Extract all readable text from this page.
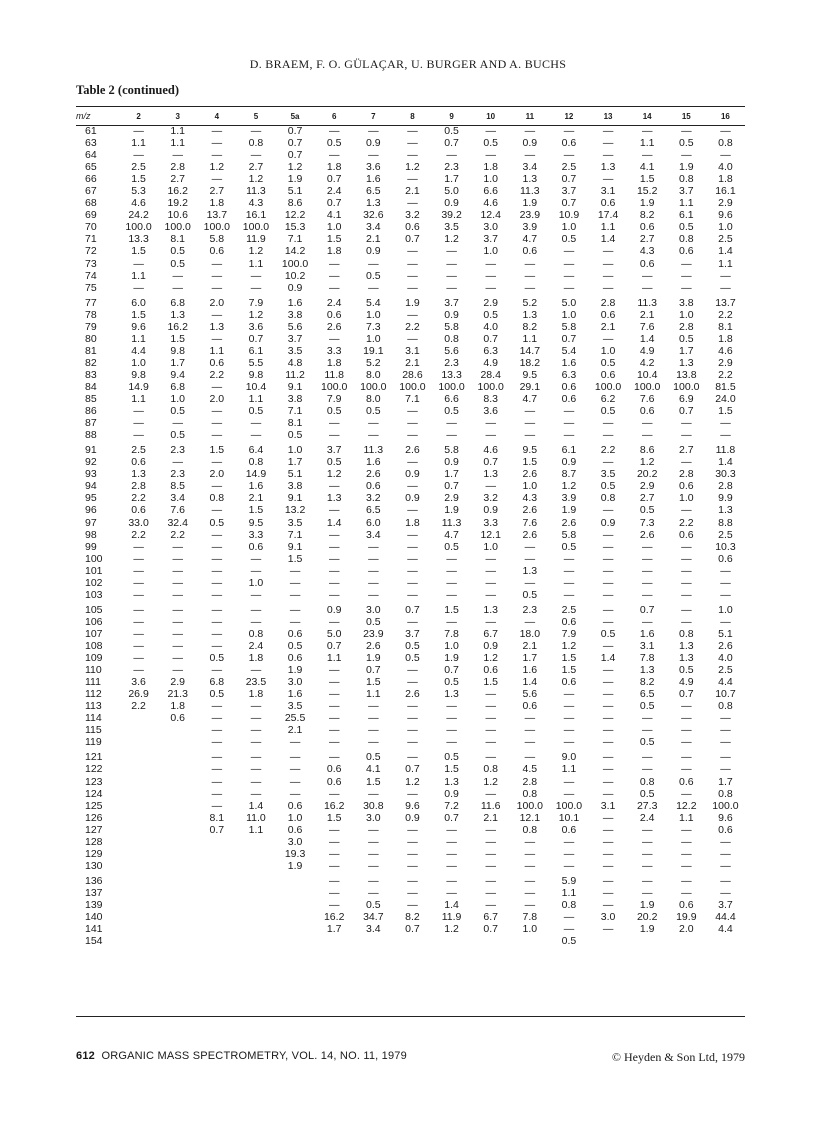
D. BRAEM, F. O. GÜLAÇAR, U. BURGER AND A. BUCHS
Table 2 (continued)
m/z	2	3	4	5	5a	6	7	8	9	10	11	12	13	14	15	16
61	—	1.1	—	—	0.7	—	—	—	0.5	—	—	—	—	—	—	—
63	1.1	1.1	—	0.8	0.7	0.5	0.9	—	0.7	0.5	0.9	0.6	—	1.1	0.5	0.8
64	—	—	—	—	0.7	—	—	—	—	—	—	—	—	—	—	—
65	2.5	2.8	1.2	2.7	1.2	1.8	3.6	1.2	2.3	1.8	3.4	2.5	1.3	4.1	1.9	4.0
66	1.5	2.7	—	1.2	1.9	0.7	1.6	—	1.7	1.0	1.3	0.7	—	1.5	0.8	1.8
67	5.3	16.2	2.7	11.3	5.1	2.4	6.5	2.1	5.0	6.6	11.3	3.7	3.1	15.2	3.7	16.1
68	4.6	19.2	1.8	4.3	8.6	0.7	1.3	—	0.9	4.6	1.9	0.7	0.6	1.9	1.1	2.9
69	24.2	10.6	13.7	16.1	12.2	4.1	32.6	3.2	39.2	12.4	23.9	10.9	17.4	8.2	6.1	9.6
70	100.0	100.0	100.0	100.0	15.3	1.0	3.4	0.6	3.5	3.0	3.9	1.0	1.1	0.6	0.5	1.0
71	13.3	8.1	5.8	11.9	7.1	1.5	2.1	0.7	1.2	3.7	4.7	0.5	1.4	2.7	0.8	2.5
72	1.5	0.5	0.6	1.2	14.2	1.8	0.9	—	—	1.0	0.6	—	—	4.3	0.6	1.4
73	—	0.5	—	1.1	100.0	—	—	—	—	—	—	—	—	0.6	—	1.1
74	1.1	—	—	—	10.2	—	0.5	—	—	—	—	—	—	—	—	—
75	—	—	—	—	0.9	—	—	—	—	—	—	—	—	—	—	—

77	6.0	6.8	2.0	7.9	1.6	2.4	5.4	1.9	3.7	2.9	5.2	5.0	2.8	11.3	3.8	13.7
78	1.5	1.3	—	1.2	3.8	0.6	1.0	—	0.9	0.5	1.3	1.0	0.6	2.1	1.0	2.2
79	9.6	16.2	1.3	3.6	5.6	2.6	7.3	2.2	5.8	4.0	8.2	5.8	2.1	7.6	2.8	8.1
80	1.1	1.5	—	0.7	3.7	—	1.0	—	0.8	0.7	1.1	0.7	—	1.4	0.5	1.8
81	4.4	9.8	1.1	6.1	3.5	3.3	19.1	3.1	5.6	6.3	14.7	5.4	1.0	4.9	1.7	4.6
82	1.0	1.7	0.6	5.5	4.8	1.8	5.2	2.1	2.3	4.9	18.2	1.6	0.5	4.2	1.3	2.9
83	9.8	9.4	2.2	9.8	11.2	11.8	8.0	28.6	13.3	28.4	9.5	6.3	0.6	10.4	13.8	2.2
84	14.9	6.8	—	10.4	9.1	100.0	100.0	100.0	100.0	100.0	29.1	0.6	100.0	100.0	100.0	81.5
85	1.1	1.0	2.0	1.1	3.8	7.9	8.0	7.1	6.6	8.3	4.7	0.6	6.2	7.6	6.9	24.0
86	—	0.5	—	0.5	7.1	0.5	0.5	—	0.5	3.6	—	—	0.5	0.6	0.7	1.5
87	—	—	—	—	8.1	—	—	—	—	—	—	—	—	—	—	—
88	—	0.5	—	—	0.5	—	—	—	—	—	—	—	—	—	—	—

91	2.5	2.3	1.5	6.4	1.0	3.7	11.3	2.6	5.8	4.6	9.5	6.1	2.2	8.6	2.7	11.8
92	0.6	—	—	0.8	1.7	0.5	1.6	—	0.9	0.7	1.5	0.9	—	1.2	—	1.4
93	1.3	2.3	2.0	14.9	5.1	1.2	2.6	0.9	1.7	1.3	2.6	8.7	3.5	20.2	2.8	30.3
94	2.8	8.5	—	1.6	3.8	—	0.6	—	0.7	—	1.0	1.2	0.5	2.9	0.6	2.8
95	2.2	3.4	0.8	2.1	9.1	1.3	3.2	0.9	2.9	3.2	4.3	3.9	0.8	2.7	1.0	9.9
96	0.6	7.6	—	1.5	13.2	—	6.5	—	1.9	0.9	2.6	1.9	—	0.5	—	1.3
97	33.0	32.4	0.5	9.5	3.5	1.4	6.0	1.8	11.3	3.3	7.6	2.6	0.9	7.3	2.2	8.8
98	2.2	2.2	—	3.3	7.1	—	3.4	—	4.7	12.1	2.6	5.8	—	2.6	0.6	2.5
99	—	—	—	0.6	9.1	—	—	—	0.5	1.0	—	0.5	—	—	—	10.3
100	—	—	—	—	1.5	—	—	—	—	—	—	—	—	—	—	0.6
101	—	—	—	—	—	—	—	—	—	—	1.3	—	—	—	—	—
102	—	—	—	1.0	—	—	—	—	—	—	—	—	—	—	—	—
103	—	—	—	—	—	—	—	—	—	—	0.5	—	—	—	—	—

105	—	—	—	—	—	0.9	3.0	0.7	1.5	1.3	2.3	2.5	—	0.7	—	1.0
106	—	—	—	—	—	—	0.5	—	—	—	—	0.6	—	—	—	—
107	—	—	—	0.8	0.6	5.0	23.9	3.7	7.8	6.7	18.0	7.9	0.5	1.6	0.8	5.1
108	—	—	—	2.4	0.5	0.7	2.6	0.5	1.0	0.9	2.1	1.2	—	3.1	1.3	2.6
109	—	—	0.5	1.8	0.6	1.1	1.9	0.5	1.9	1.2	1.7	1.5	1.4	7.8	1.3	4.0
110	—	—	—	—	1.9	—	0.7	—	0.7	0.6	1.6	1.5	—	1.3	0.5	2.5
111	3.6	2.9	6.8	23.5	3.0	—	1.5	—	0.5	1.5	1.4	0.6	—	8.2	4.9	4.4
112	26.9	21.3	0.5	1.8	1.6	—	1.1	2.6	1.3	—	5.6	—	—	6.5	0.7	10.7
113	2.2	1.8	—	—	3.5	—	—	—	—	—	0.6	—	—	0.5	—	0.8
114		0.6	—	—	25.5	—	—	—	—	—	—	—	—	—	—	—
115			—	—	2.1	—	—	—	—	—	—	—	—	—	—	—
119			—	—	—	—	—	—	—	—	—	—	—	0.5	—	—

121			—	—	—	—	0.5	—	0.5	—	—	9.0	—	—	—	—
122			—	—	—	0.6	4.1	0.7	1.5	0.8	4.5	1.1	—	—	—	—
123			—	—	—	0.6	1.5	1.2	1.3	1.2	2.8	—	—	0.8	0.6	1.7
124			—	—	—	—	—	—	0.9	—	0.8	—	—	0.5	—	0.8
125			—	1.4	0.6	16.2	30.8	9.6	7.2	11.6	100.0	100.0	3.1	27.3	12.2	100.0
126			8.1	11.0	1.0	1.5	3.0	0.9	0.7	2.1	12.1	10.1	—	2.4	1.1	9.6
127			0.7	1.1	0.6	—	—	—	—	—	0.8	0.6	—	—	—	0.6
128					3.0	—	—	—	—	—	—	—	—	—	—	—
129					19.3	—	—	—	—	—	—	—	—	—	—	—
130					1.9	—	—	—	—	—	—	—	—	—	—	—

136						—	—	—	—	—	—	5.9	—	—	—	—
137						—	—	—	—	—	—	1.1	—	—	—	—
139						—	0.5	—	1.4	—	—	0.8	—	1.9	0.6	3.7
140						16.2	34.7	8.2	11.9	6.7	7.8	—	3.0	20.2	19.9	44.4
141						1.7	3.4	0.7	1.2	0.7	1.0	—	—	1.9	2.0	4.4
154												0.5				
612 ORGANIC MASS SPECTROMETRY, VOL. 14, NO. 11, 1979	© Heyden & Son Ltd, 1979
